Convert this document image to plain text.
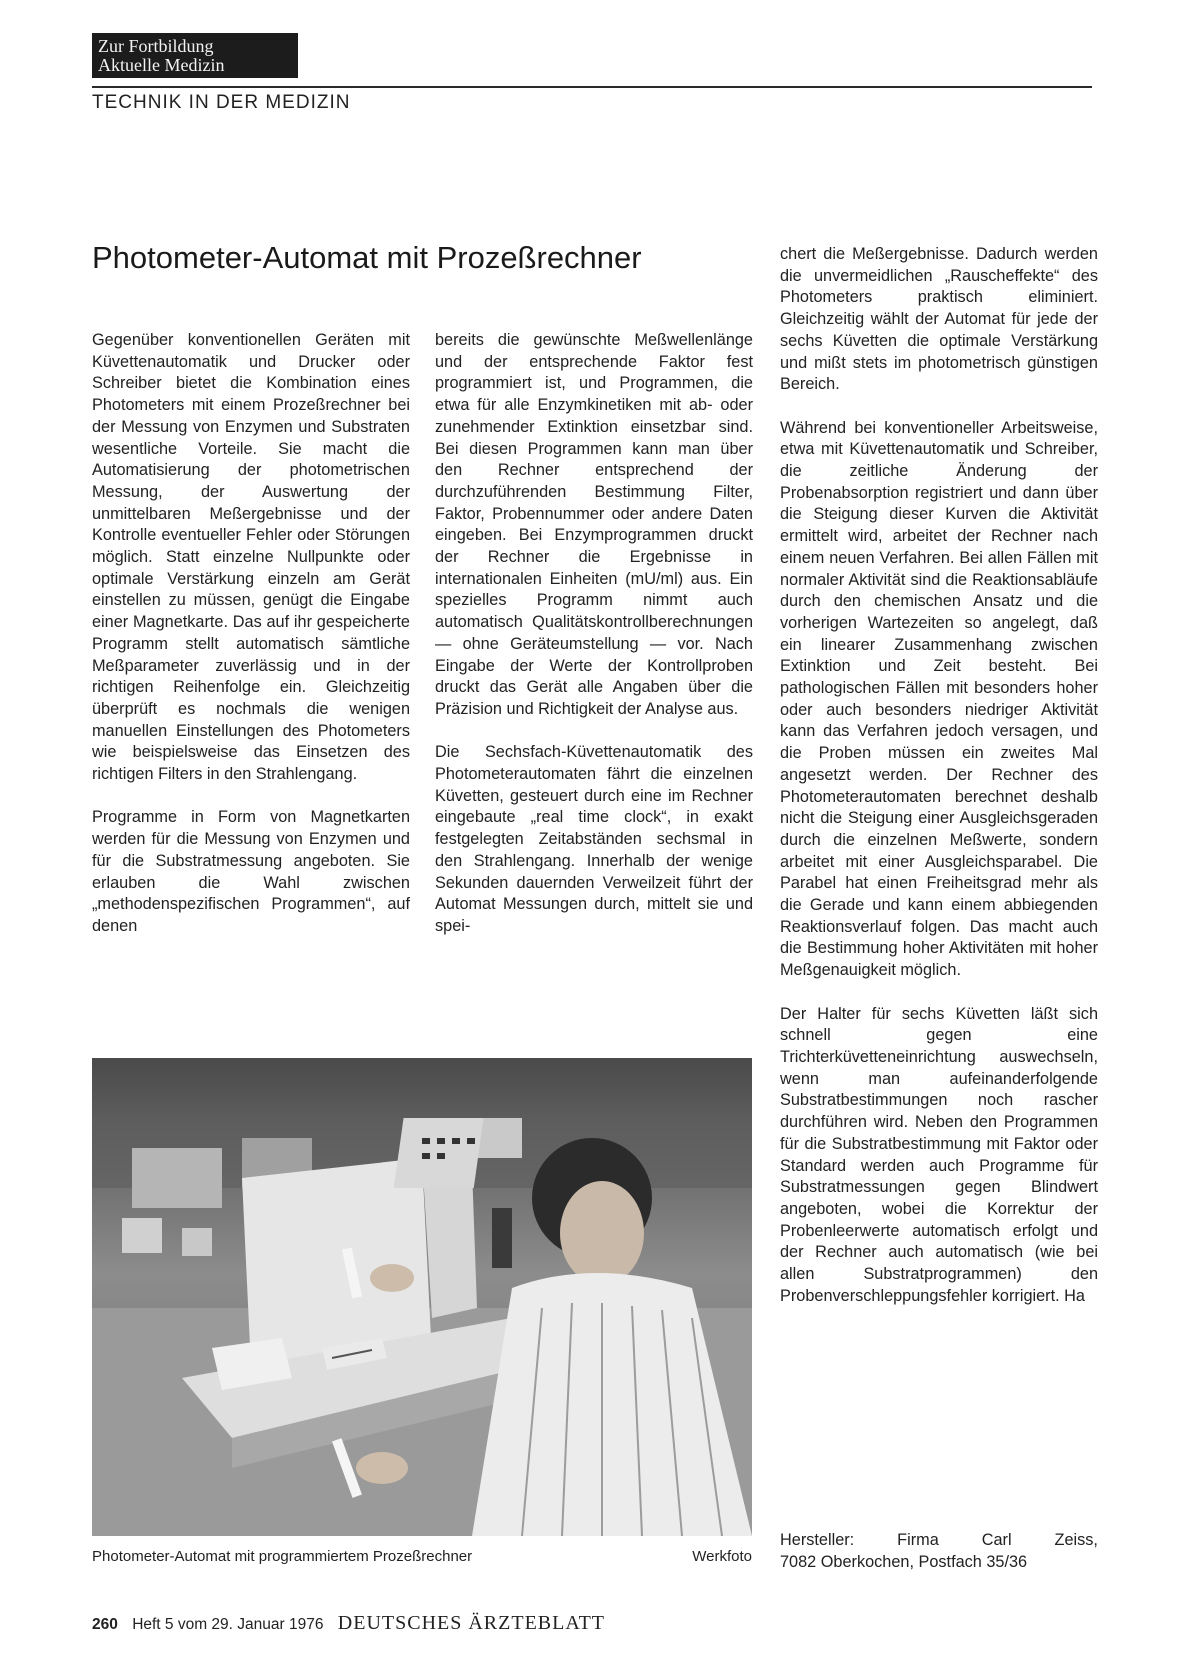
Zur Fortbildung
Aktuelle Medizin
TECHNIK IN DER MEDIZIN
Photometer-Automat mit Prozeßrechner

Gegenüber konventionellen Geräten mit Küvettenautomatik und Drucker oder Schreiber bietet die Kombination eines Photometers mit einem Prozeßrechner bei der Messung von Enzymen und Substraten wesentliche Vorteile. Sie macht die Automatisierung der photometrischen Messung, der Auswertung der unmittelbaren Meßergebnisse und der Kontrolle eventueller Fehler oder Störungen möglich. Statt einzelne Nullpunkte oder optimale Verstärkung einzeln am Gerät einstellen zu müssen, genügt die Eingabe einer Magnetkarte. Das auf ihr gespeicherte Programm stellt automatisch sämtliche Meßparameter zuverlässig und in der richtigen Reihenfolge ein. Gleichzeitig überprüft es nochmals die wenigen manuellen Einstellungen des Photometers wie beispielsweise das Einsetzen des richtigen Filters in den Strahlengang.

Programme in Form von Magnetkarten werden für die Messung von Enzymen und für die Substratmessung angeboten. Sie erlauben die Wahl zwischen „methodenspezifischen Programmen“, auf denen

bereits die gewünschte Meßwellenlänge und der entsprechende Faktor fest programmiert ist, und Programmen, die etwa für alle Enzymkinetiken mit ab- oder zunehmender Extinktion einsetzbar sind. Bei diesen Programmen kann man über den Rechner entsprechend der durchzuführenden Bestimmung Filter, Faktor, Probennummer oder andere Daten eingeben. Bei Enzymprogrammen druckt der Rechner die Ergebnisse in internationalen Einheiten (mU/ml) aus. Ein spezielles Programm nimmt auch automatisch Qualitätskontrollberechnungen — ohne Geräteumstellung — vor. Nach Eingabe der Werte der Kontrollproben druckt das Gerät alle Angaben über die Präzision und Richtigkeit der Analyse aus.

Die Sechsfach-Küvettenautomatik des Photometerautomaten fährt die einzelnen Küvetten, gesteuert durch eine im Rechner eingebaute „real time clock“, in exakt festgelegten Zeitabständen sechsmal in den Strahlengang. Innerhalb der wenige Sekunden dauernden Verweilzeit führt der Automat Messungen durch, mittelt sie und spei-

chert die Meßergebnisse. Dadurch werden die unvermeidlichen „Rauscheffekte“ des Photometers praktisch eliminiert. Gleichzeitig wählt der Automat für jede der sechs Küvetten die optimale Verstärkung und mißt stets im photometrisch günstigen Bereich.

Während bei konventioneller Arbeitsweise, etwa mit Küvettenautomatik und Schreiber, die zeitliche Änderung der Probenabsorption registriert und dann über die Steigung dieser Kurven die Aktivität ermittelt wird, arbeitet der Rechner nach einem neuen Verfahren. Bei allen Fällen mit normaler Aktivität sind die Reaktionsabläufe durch den chemischen Ansatz und die vorherigen Wartezeiten so angelegt, daß ein linearer Zusammenhang zwischen Extinktion und Zeit besteht. Bei pathologischen Fällen mit besonders hoher oder auch besonders niedriger Aktivität kann das Verfahren jedoch versagen, und die Proben müssen ein zweites Mal angesetzt werden. Der Rechner des Photometerautomaten berechnet deshalb nicht die Steigung einer Ausgleichsgeraden durch die einzelnen Meßwerte, sondern arbeitet mit einer Ausgleichsparabel. Die Parabel hat einen Freiheitsgrad mehr als die Gerade und kann einem abbiegenden Reaktionsverlauf folgen. Das macht auch die Bestimmung hoher Aktivitäten mit hoher Meßgenauigkeit möglich.

Der Halter für sechs Küvetten läßt sich schnell gegen eine Trichterküvetteneinrichtung auswechseln, wenn man aufeinanderfolgende Substratbestimmungen noch rascher durchführen wird. Neben den Programmen für die Substratbestimmung mit Faktor oder Standard werden auch Programme für Substratmessungen gegen Blindwert angeboten, wobei die Korrektur der Probenleerwerte automatisch erfolgt und der Rechner auch automatisch (wie bei allen Substratprogrammen) den Probenverschleppungsfehler korrigiert. Ha

Photometer-Automat mit programmiertem Prozeßrechner	Werkfoto
Hersteller:	Firma	Carl	Zeiss,
7082 Oberkochen, Postfach 35/36
260 Heft 5 vom 29. Januar 1976 DEUTSCHES ÄRZTEBLATT
